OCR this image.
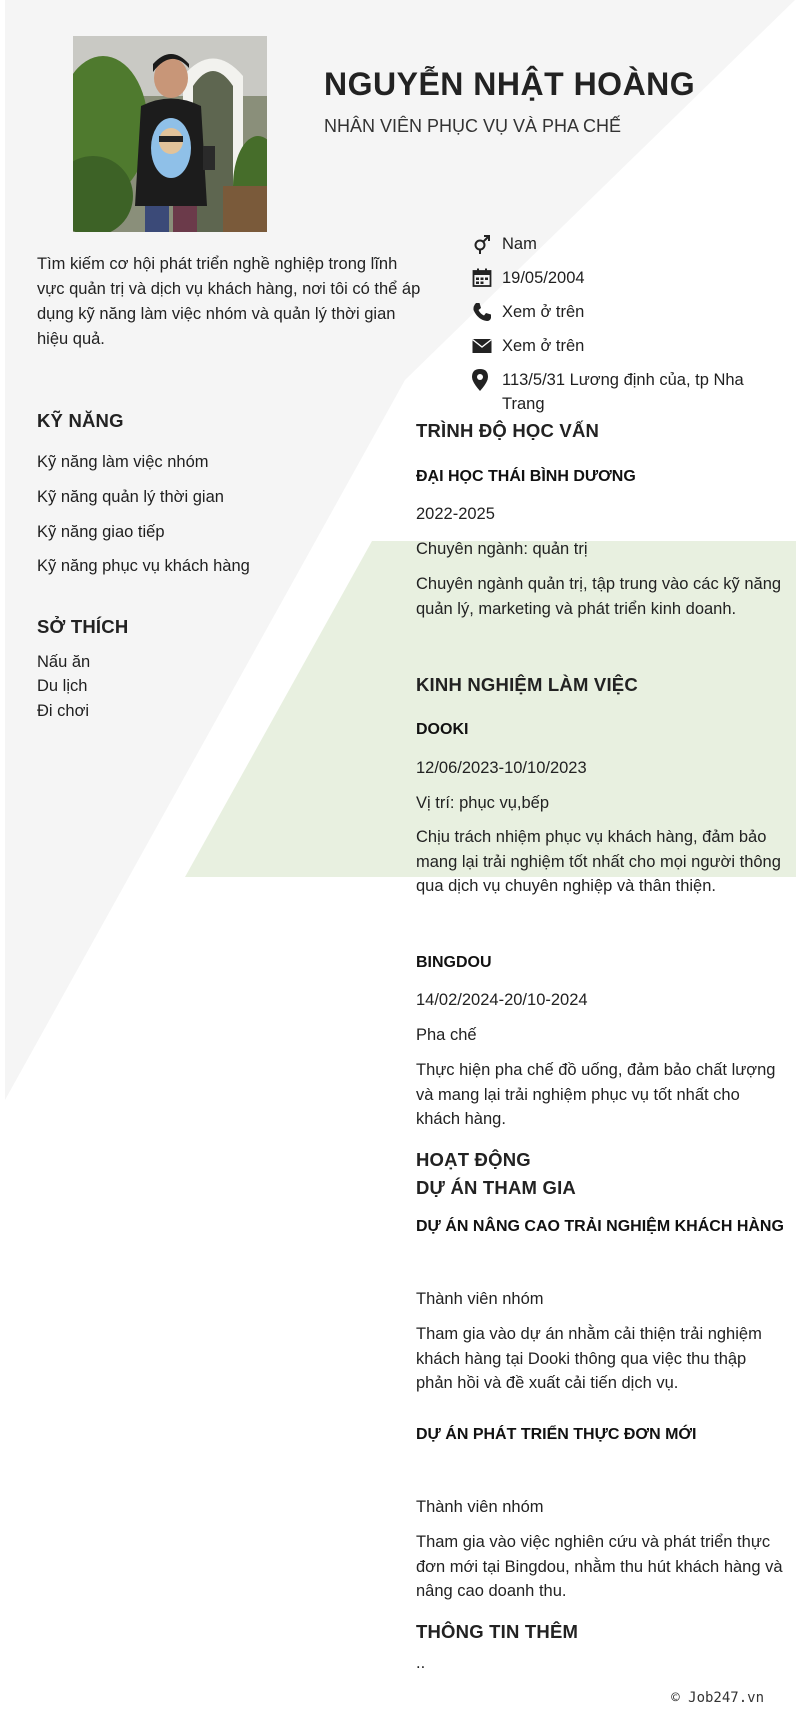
NGUYỄN NHẬT HOÀNG
NHÂN VIÊN PHỤC VỤ VÀ PHA CHẾ
Tìm kiếm cơ hội phát triển nghề nghiệp trong lĩnh vực quản trị và dịch vụ khách hàng, nơi tôi có thể áp dụng kỹ năng làm việc nhóm và quản lý thời gian hiệu quả.
Nam
19/05/2004
Xem ở trên
Xem ở trên
113/5/31 Lương định của, tp Nha Trang
KỸ NĂNG
Kỹ năng làm việc nhóm
Kỹ năng quản lý thời gian
Kỹ năng giao tiếp
Kỹ năng phục vụ khách hàng
SỞ THÍCH
Nấu ăn
Du lịch
Đi chơi
TRÌNH ĐỘ HỌC VẤN
ĐẠI HỌC THÁI BÌNH DƯƠNG
2022-2025
Chuyên ngành: quản trị
Chuyên ngành quản trị, tập trung vào các kỹ năng quản lý, marketing và phát triển kinh doanh.
KINH NGHIỆM LÀM VIỆC
DOOKI
12/06/2023-10/10/2023
Vị trí: phục vụ,bếp
Chịu trách nhiệm phục vụ khách hàng, đảm bảo mang lại trải nghiệm tốt nhất cho mọi người thông qua dịch vụ chuyên nghiệp và thân thiện.
BINGDOU
14/02/2024-20/10-2024
Pha chế
Thực hiện pha chế đồ uống, đảm bảo chất lượng và mang lại trải nghiệm phục vụ tốt nhất cho khách hàng.
HOẠT ĐỘNG
DỰ ÁN THAM GIA
DỰ ÁN NÂNG CAO TRẢI NGHIỆM KHÁCH HÀNG
Thành viên nhóm
Tham gia vào dự án nhằm cải thiện trải nghiệm khách hàng tại Dooki thông qua việc thu thập phản hồi và đề xuất cải tiến dịch vụ.
DỰ ÁN PHÁT TRIỂN THỰC ĐƠN MỚI
Thành viên nhóm
Tham gia vào việc nghiên cứu và phát triển thực đơn mới tại Bingdou, nhằm thu hút khách hàng và nâng cao doanh thu.
THÔNG TIN THÊM
..
© Job247.vn
